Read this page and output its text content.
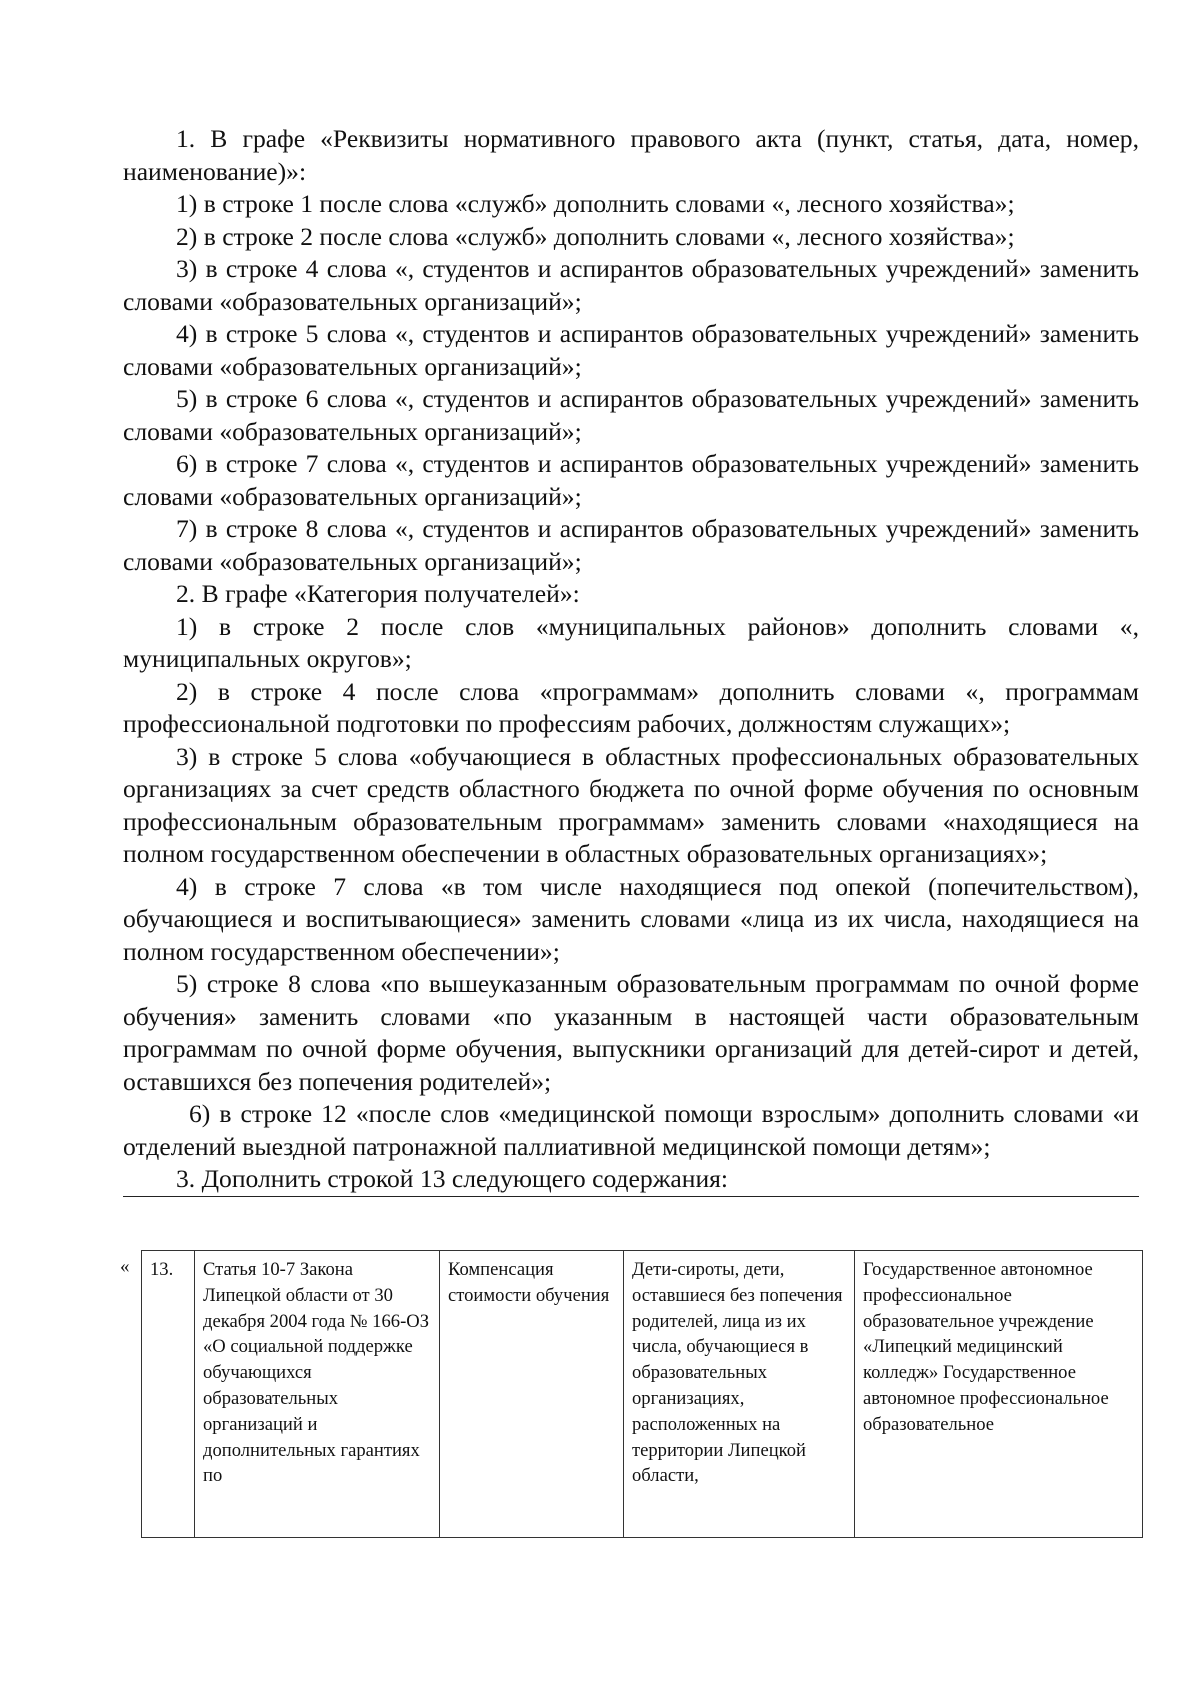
1. В графе «Реквизиты нормативного правового акта (пункт, статья, дата, номер, наименование)»:

1) в строке 1 после слова «служб» дополнить словами «, лесного хозяйства»;

2) в строке 2 после слова «служб» дополнить словами «, лесного хозяйства»;

3) в строке 4 слова «, студентов и аспирантов образовательных учреждений» заменить словами «образовательных организаций»;

4) в строке 5 слова «, студентов и аспирантов образовательных учреждений» заменить словами «образовательных организаций»;

5) в строке 6 слова «, студентов и аспирантов образовательных учреждений» заменить словами «образовательных организаций»;

6) в строке 7 слова «, студентов и аспирантов образовательных учреждений» заменить словами «образовательных организаций»;

7) в строке 8 слова «, студентов и аспирантов образовательных учреждений» заменить словами «образовательных организаций»;

2. В графе «Категория получателей»:

1) в строке 2 после слов «муниципальных районов» дополнить словами «, муниципальных округов»;

2) в строке 4 после слова «программам» дополнить словами «, программам профессиональной подготовки по профессиям рабочих, должностям служащих»;

3) в строке 5 слова «обучающиеся в областных профессиональных образовательных организациях за счет средств областного бюджета по очной форме обучения по основным профессиональным образовательным программам» заменить словами «находящиеся на полном государственном обеспечении в областных образовательных организациях»;

4) в строке 7 слова «в том числе находящиеся под опекой (попечительством), обучающиеся и воспитывающиеся» заменить словами «лица из их числа, находящиеся на полном государственном обеспечении»;

5) строке 8 слова «по вышеуказанным образовательным программам по очной форме обучения» заменить словами «по указанным в настоящей части образовательным программам по очной форме обучения, выпускники организаций для детей-сирот и детей, оставшихся без попечения родителей»;

6) в строке 12 «после слов «медицинской помощи взрослым» дополнить словами «и отделений выездной патронажной паллиативной медицинской помощи детям»;

3. Дополнить строкой 13 следующего содержания:

« 13.	Статья 10-7 Закона Липецкой области от 30 декабря 2004 года № 166-ОЗ «О социальной поддержке обучающихся образовательных организаций и дополнительных гарантиях по	Компенсация стоимости обучения	Дети-сироты, дети, оставшиеся без попечения родителей, лица из их числа, обучающиеся в образовательных организациях, расположенных на территории Липецкой области,	Государственное автономное профессиональное образовательное учреждение «Липецкий медицинский колледж» Государственное автономное профессиональное образовательное
